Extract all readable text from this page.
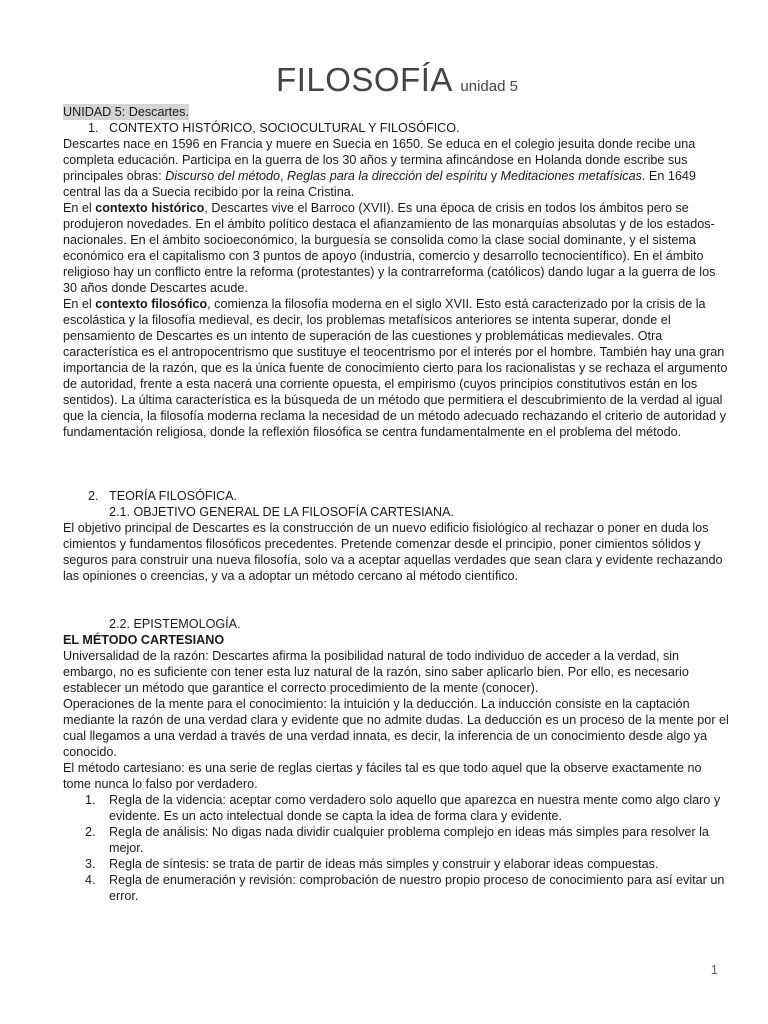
FILOSOFÍA unidad 5

UNIDAD 5: Descartes.

1. CONTEXTO HISTÓRICO, SOCIOCULTURAL Y FILOSÓFICO.

Descartes nace en 1596 en Francia y muere en Suecia en 1650. Se educa en el colegio jesuita donde recibe una completa educación. Participa en la guerra de los 30 años y termina afincándose en Holanda donde escribe sus principales obras: Discurso del método, Reglas para la dirección del espíritu y Meditaciones metafísicas. En 1649 central las da a Suecia recibido por la reina Cristina.

En el contexto histórico, Descartes vive el Barroco (XVII). Es una época de crisis en todos los ámbitos pero se produjeron novedades. En el ámbito político destaca el afianzamiento de las monarquías absolutas y de los estados-nacionales. En el ámbito socioeconómico, la burguesía se consolida como la clase social dominante, y el sistema económico era el capitalismo con 3 puntos de apoyo (industria, comercio y desarrollo tecnocientífico). En el ámbito religioso hay un conflicto entre la reforma (protestantes) y la contrarreforma (católicos) dando lugar a la guerra de los 30 años donde Descartes acude.

En el contexto filosófico, comienza la filosofía moderna en el siglo XVII. Esto está caracterizado por la crisis de la escolástica y la filosofía medieval, es decir, los problemas metafísicos anteriores se intenta superar, donde el pensamiento de Descartes es un intento de superación de las cuestiones y problemáticas medievales. Otra característica es el antropocentrismo que sustituye el teocentrismo por el interés por el hombre. También hay una gran importancia de la razón, que es la única fuente de conocimiento cierto para los racionalistas y se rechaza el argumento de autoridad, frente a esta nacerá una corriente opuesta, el empirismo (cuyos principios constitutivos están en los sentidos). La última característica es la búsqueda de un método que permitiera el descubrimiento de la verdad al igual que la ciencia, la filosofía moderna reclama la necesidad de un método adecuado rechazando el criterio de autoridad y fundamentación religiosa, donde la reflexión filosófica se centra fundamentalmente en el problema del método.

2. TEORÍA FILOSÓFICA.

2.1. OBJETIVO GENERAL DE LA FILOSOFÍA CARTESIANA.

El objetivo principal de Descartes es la construcción de un nuevo edificio fisiológico al rechazar o poner en duda los cimientos y fundamentos filosóficos precedentes. Pretende comenzar desde el principio, poner cimientos sólidos y seguros para construir una nueva filosofía, solo va a aceptar aquellas verdades que sean clara y evidente rechazando las opiniones o creencias, y va a adoptar un método cercano al método científico.

2.2. EPISTEMOLOGÍA.

EL MÉTODO CARTESIANO

Universalidad de la razón: Descartes afirma la posibilidad natural de todo individuo de acceder a la verdad, sin embargo, no es suficiente con tener esta luz natural de la razón, sino saber aplicarlo bien. Por ello, es necesario establecer un método que garantice el correcto procedimiento de la mente (conocer).

Operaciones de la mente para el conocimiento: la intuición y la deducción. La inducción consiste en la captación mediante la razón de una verdad clara y evidente que no admite dudas. La deducción es un proceso de la mente por el cual llegamos a una verdad a través de una verdad innata, es decir, la inferencia de un conocimiento desde algo ya conocido.

El método cartesiano: es una serie de reglas ciertas y fáciles tal es que todo aquel que la observe exactamente no tome nunca lo falso por verdadero.

1. Regla de la videncia: aceptar como verdadero solo aquello que aparezca en nuestra mente como algo claro y evidente. Es un acto intelectual donde se capta la idea de forma clara y evidente.
2. Regla de análisis: No digas nada dividir cualquier problema complejo en ideas más simples para resolver la mejor.
3. Regla de síntesis: se trata de partir de ideas más simples y construir y elaborar ideas compuestas.
4. Regla de enumeración y revisión: comprobación de nuestro propio proceso de conocimiento para así evitar un error.
1
